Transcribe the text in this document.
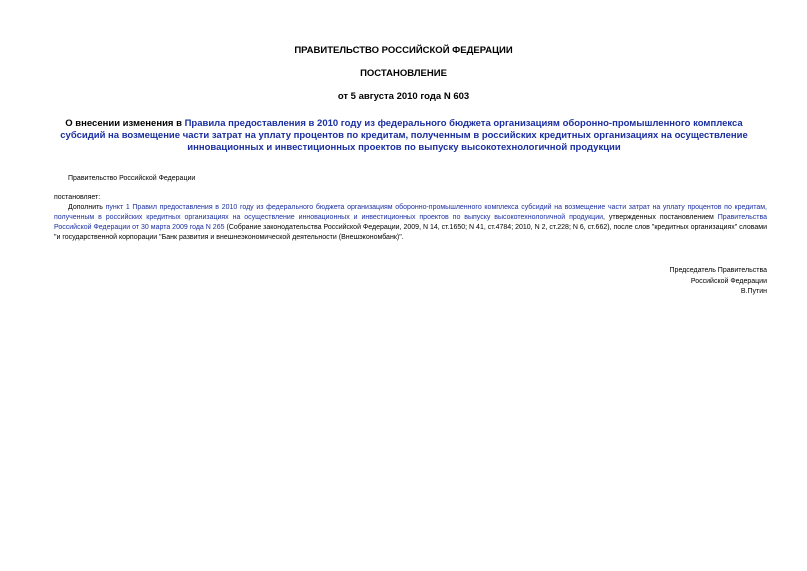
ПРАВИТЕЛЬСТВО РОССИЙСКОЙ ФЕДЕРАЦИИ
ПОСТАНОВЛЕНИЕ
от 5 августа 2010 года N 603
О внесении изменения в Правила предоставления в 2010 году из федерального бюджета организациям оборонно-промышленного комплекса субсидий на возмещение части затрат на уплату процентов по кредитам, полученным в российских кредитных организациях на осуществление инновационных и инвестиционных проектов по выпуску высокотехнологичной продукции
Правительство Российской Федерации
постановляет:
Дополнить пункт 1 Правил предоставления в 2010 году из федерального бюджета организациям оборонно-промышленного комплекса субсидий на возмещение части затрат на уплату процентов по кредитам, полученным в российских кредитных организациях на осуществление инновационных и инвестиционных проектов по выпуску высокотехнологичной продукции, утвержденных постановлением Правительства Российской Федерации от 30 марта 2009 года N 265 (Собрание законодательства Российской Федерации, 2009, N 14, ст.1650; N 41, ст.4784; 2010, N 2, ст.228; N 6, ст.662), после слов "кредитных организациях" словами "и государственной корпорации "Банк развития и внешнеэкономической деятельности (Внешэкономбанк)".
Председатель Правительства
Российской Федерации
В.Путин
